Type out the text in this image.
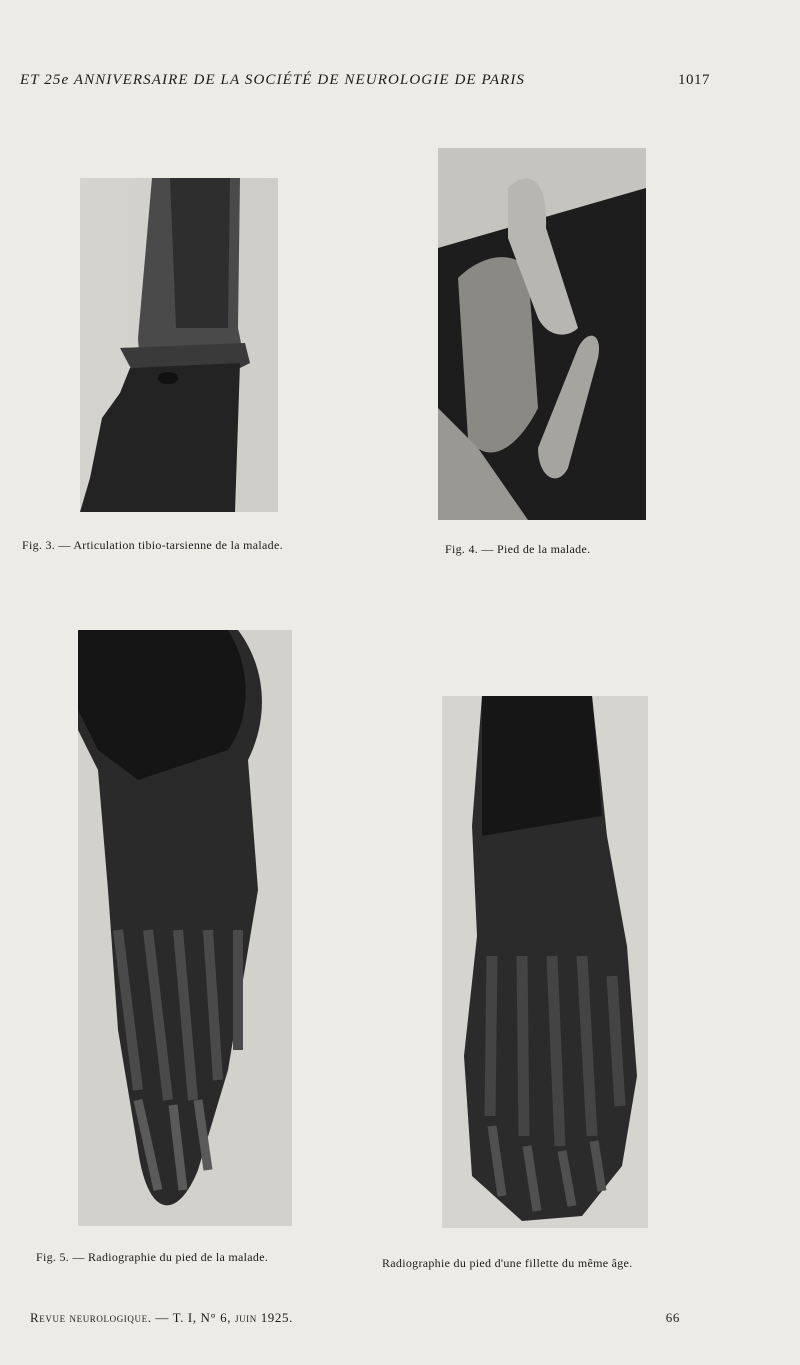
ET 25e ANNIVERSAIRE DE LA SOCIÉTÉ DE NEUROLOGIE DE PARIS	1017
Fig. 3. — Articulation tibio-tarsienne de la malade.	Fig. 4. — Pied de la malade.
Fig. 5. — Radiographie du pied de la malade.	Radiographie du pied d'une fillette du même âge.
Revue neurologique. — T. I, N° 6, juin 1925.	66
